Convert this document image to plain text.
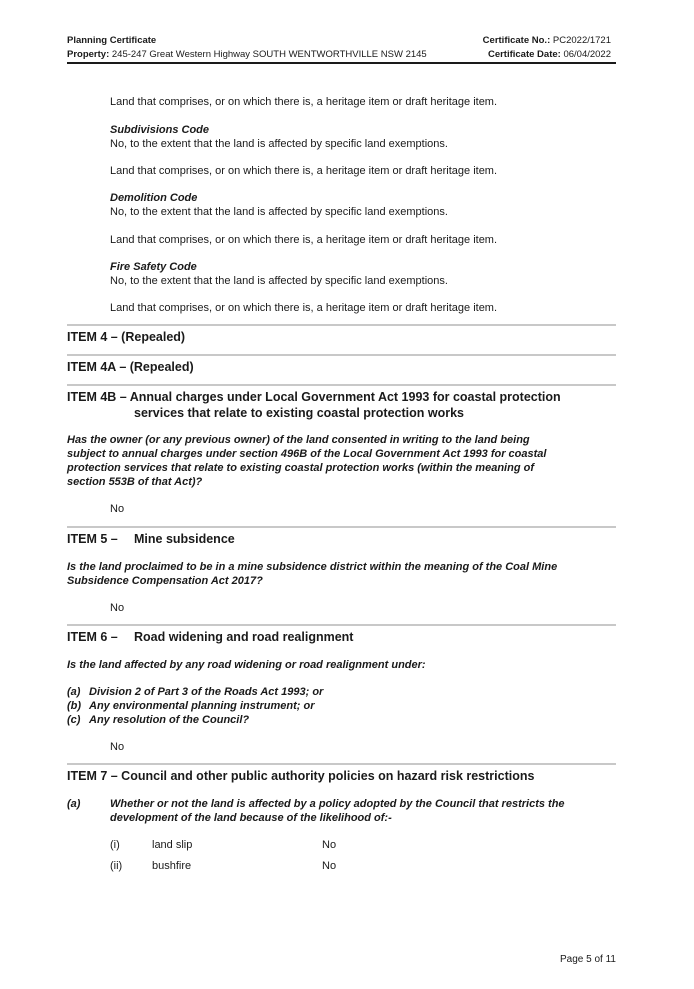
Planning Certificate
Property: 245-247 Great Western Highway SOUTH WENTWORTHVILLE NSW 2145
Certificate No.: PC2022/1721
Certificate Date: 06/04/2022
Land that comprises, or on which there is, a heritage item or draft heritage item.
Subdivisions Code
No, to the extent that the land is affected by specific land exemptions.
Land that comprises, or on which there is, a heritage item or draft heritage item.
Demolition Code
No, to the extent that the land is affected by specific land exemptions.
Land that comprises, or on which there is, a heritage item or draft heritage item.
Fire Safety Code
No, to the extent that the land is affected by specific land exemptions.
Land that comprises, or on which there is, a heritage item or draft heritage item.
ITEM 4 – (Repealed)
ITEM 4A – (Repealed)
ITEM 4B – Annual charges under Local Government Act 1993 for coastal protection
services that relate to existing coastal protection works
Has the owner (or any previous owner) of the land consented in writing to the land being
subject to annual charges under section 496B of the Local Government Act 1993 for coastal
protection services that relate to existing coastal protection works (within the meaning of
section 553B of that Act)?
No
ITEM 5 – Mine subsidence
Is the land proclaimed to be in a mine subsidence district within the meaning of the Coal Mine
Subsidence Compensation Act 2017?
No
ITEM 6 – Road widening and road realignment
Is the land affected by any road widening or road realignment under:
(a) Division 2 of Part 3 of the Roads Act 1993; or
(b) Any environmental planning instrument; or
(c) Any resolution of the Council?
No
ITEM 7 – Council and other public authority policies on hazard risk restrictions
(a)	Whether or not the land is affected by a policy adopted by the Council that restricts the
development of the land because of the likelihood of:-
(i)	land slip	No
(ii)	bushfire	No
Page 5 of 11
